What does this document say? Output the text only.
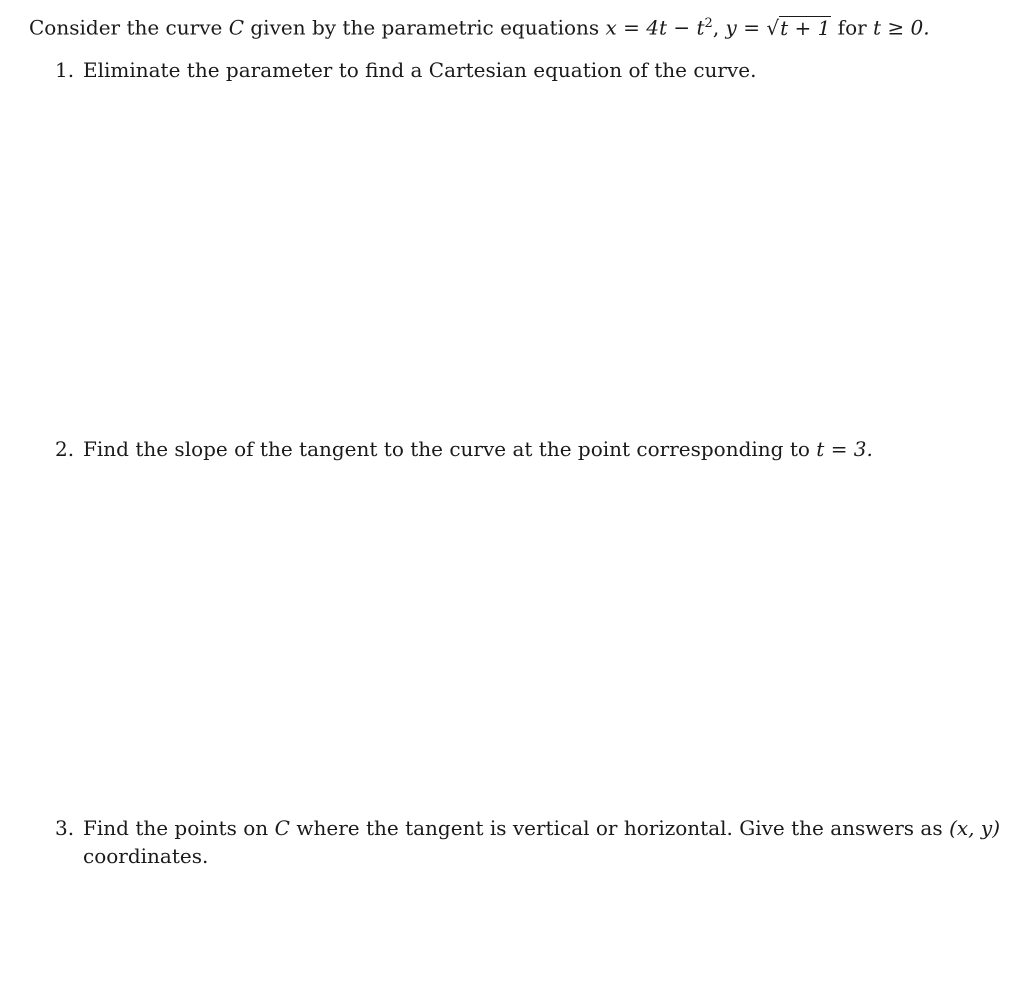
Consider the curve C given by the parametric equations $x = 4t - t^2$, y = √t + 1 for t ≥ 0.
1. Eliminate the parameter to find a Cartesian equation of the curve.
2. Find the slope of the tangent to the curve at the point corresponding to t = 3.
3. Find the points on C where the tangent is vertical or horizontal. Give the answers as (x, y)
coordinates.
